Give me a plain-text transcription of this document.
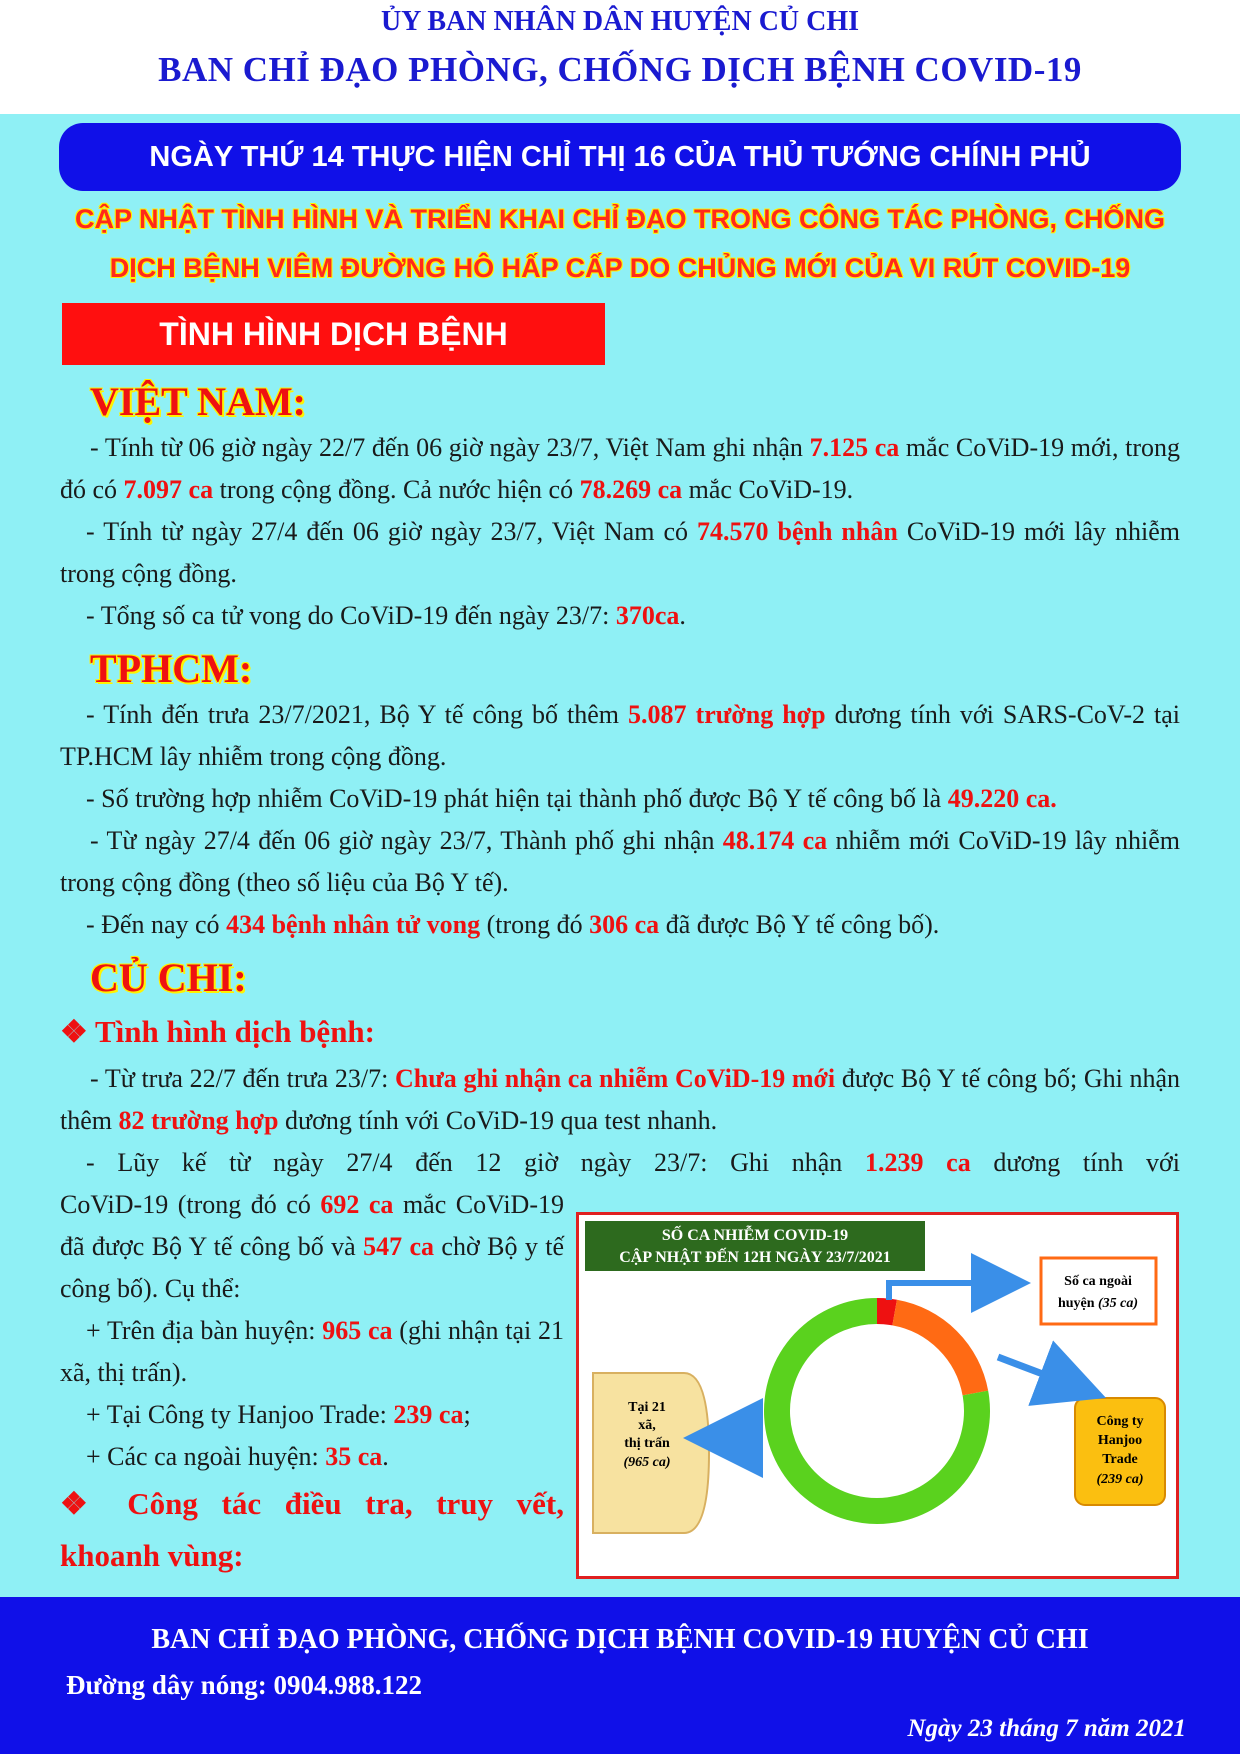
ỦY BAN NHÂN DÂN HUYỆN CỦ CHI
BAN CHỈ ĐẠO PHÒNG, CHỐNG DỊCH BỆNH COVID-19
NGÀY THỨ 14 THỰC HIỆN CHỈ THỊ 16 CỦA THỦ TƯỚNG CHÍNH PHỦ
CẬP NHẬT TÌNH HÌNH VÀ TRIỂN KHAI CHỈ ĐẠO TRONG CÔNG TÁC PHÒNG, CHỐNG
DỊCH BỆNH VIÊM ĐƯỜNG HÔ HẤP CẤP DO CHỦNG MỚI CỦA VI RÚT COVID-19
TÌNH HÌNH DỊCH BỆNH
VIỆT NAM:
- Tính từ 06 giờ ngày 22/7 đến 06 giờ ngày 23/7, Việt Nam ghi nhận 7.125 ca mắc CoViD-19 mới, trong đó có 7.097 ca trong cộng đồng. Cả nước hiện có 78.269 ca mắc CoViD-19.
- Tính từ ngày 27/4 đến 06 giờ ngày 23/7, Việt Nam có 74.570 bệnh nhân CoViD-19 mới lây nhiễm trong cộng đồng.
- Tổng số ca tử vong do CoViD-19 đến ngày 23/7: 370ca.
TPHCM:
- Tính đến trưa 23/7/2021, Bộ Y tế công bố thêm 5.087 trường hợp dương tính với SARS-CoV-2 tại TP.HCM lây nhiễm trong cộng đồng.
- Số trường hợp nhiễm CoViD-19 phát hiện tại thành phố được Bộ Y tế công bố là 49.220 ca.
- Từ ngày 27/4 đến 06 giờ ngày 23/7, Thành phố ghi nhận 48.174 ca nhiễm mới CoViD-19 lây nhiễm trong cộng đồng (theo số liệu của Bộ Y tế).
- Đến nay có 434 bệnh nhân tử vong (trong đó 306 ca đã được Bộ Y tế công bố).
CỦ CHI:
❖ Tình hình dịch bệnh:
- Từ trưa 22/7 đến trưa 23/7: Chưa ghi nhận ca nhiễm CoViD-19 mới được Bộ Y tế công bố; Ghi nhận thêm 82 trường hợp dương tính với CoViD-19 qua test nhanh.
- Lũy kế từ ngày 27/4 đến 12 giờ ngày 23/7: Ghi nhận 1.239 ca dương tính với
CoViD-19 (trong đó có 692 ca mắc CoViD-19 đã được Bộ Y tế công bố và 547 ca chờ Bộ y tế công bố). Cụ thể:
+ Trên địa bàn huyện: 965 ca (ghi nhận tại 21 xã, thị trấn).
+ Tại Công ty Hanjoo Trade: 239 ca;
+ Các ca ngoài huyện: 35 ca.
❖ Công tác điều tra, truy vết,
khoanh vùng:
SỐ CA NHIỄM COVID-19
CẬP NHẬT ĐẾN 12H NGÀY 23/7/2021
Số ca ngoài
huyện (35 ca)
Công ty
Hanjoo
Trade
(239 ca)
Tại 21
xã,
thị trấn
(965 ca)
BAN CHỈ ĐẠO PHÒNG, CHỐNG DỊCH BỆNH COVID-19 HUYỆN CỦ CHI
Đường dây nóng: 0904.988.122
Ngày 23 tháng 7 năm 2021
